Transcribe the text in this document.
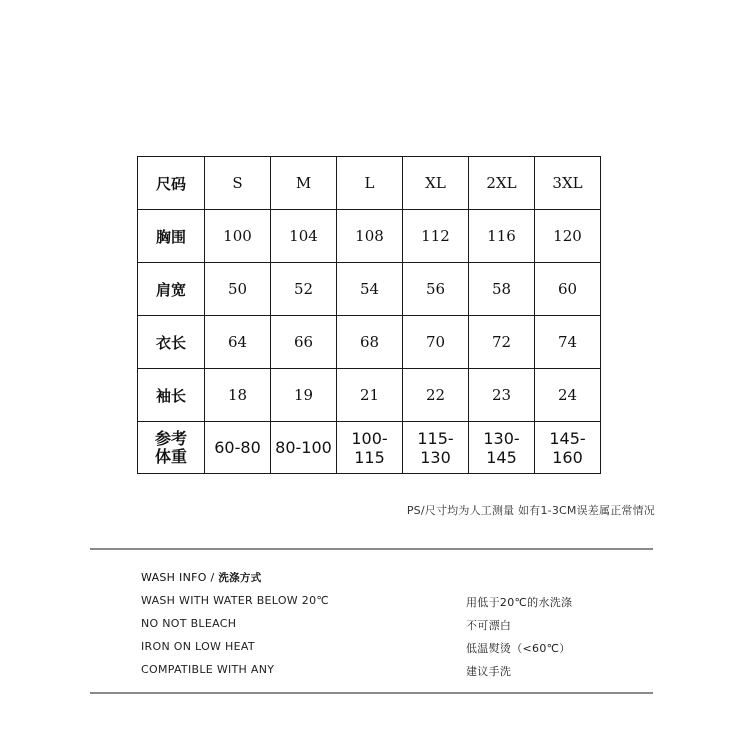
尺码	S	M	L	XL	2XL	3XL
胸围	100	104	108	112	116	120
肩宽	50	52	54	56	58	60
衣长	64	66	68	70	72	74
袖长	18	19	21	22	23	24

参考
体重	60-80	80-100	100-115	115-130	130-145	145-160
PS/尺寸均为人工测量 如有1-3CM误差属正常情况
WASH INFO / 洗涤方式
WASH WITH WATER BELOW 20℃	用低于20℃的水洗涤
NO NOT BLEACH	不可漂白
IRON ON LOW HEAT	低温熨烫（<60℃）
COMPATIBLE WITH ANY	建议手洗
